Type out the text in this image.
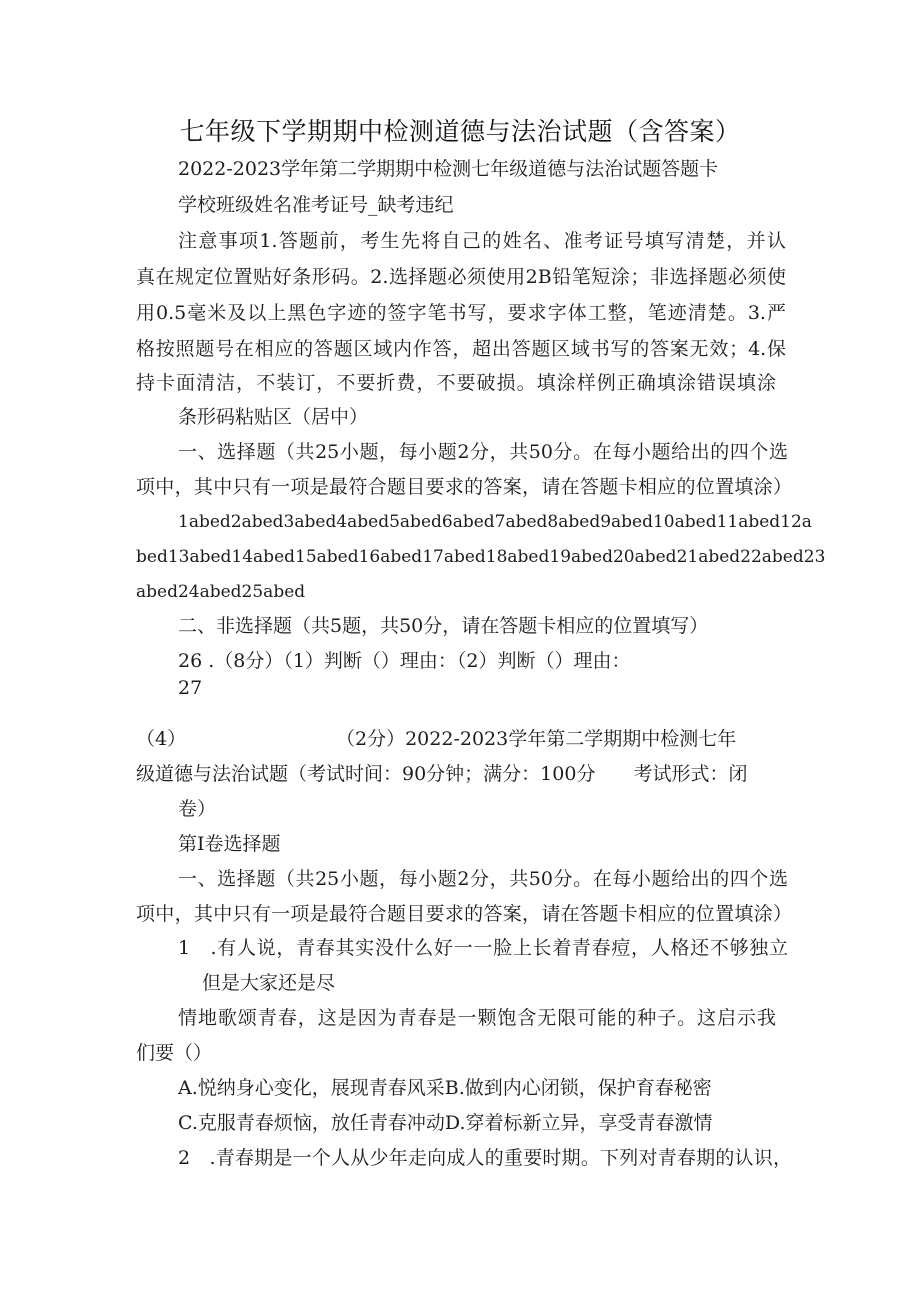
七年级下学期期中检测道德与法治试题（含答案）
2022-2023学年第二学期期中检测七年级道德与法治试题答题卡
学校班级姓名准考证号_缺考违纪
注意事项1.答题前，考生先将自己的姓名、准考证号填写清楚，并认
真在规定位置贴好条形码。2.选择题必须使用2B铅笔短涂；非选择题必须使
用0.5毫米及以上黑色字迹的签字笔书写，要求字体工整，笔迹清楚。3.严
格按照题号在相应的答题区域内作答，超出答题区域书写的答案无效；4.保
持卡面清洁，不装订，不要折费，不要破损。填涂样例正确填涂错误填涂
条形码粘贴区（居中）
一、选择题（共25小题，每小题2分，共50分。在每小题给出的四个选
项中，其中只有一项是最符合题目要求的答案，请在答题卡相应的位置填涂）
1abed2abed3abed4abed5abed6abed7abed8abed9abed10abed11abed12a
bed13abed14abed15abed16abed17abed18abed19abed20abed21abed22abed23
abed24abed25abed
二、非选择题（共5题，共50分，请在答题卡相应的位置填写）
26 .（8分）（1）判断（）理由：（2）判断（）理由：
27
（4）	（2分）2022-2023学年第二学期期中检测七年
级道德与法治试题（考试时间：90分钟；满分：100分　　考试形式：闭
卷）
第Ⅰ卷选择题
一、选择题（共25小题，每小题2分，共50分。在每小题给出的四个选
项中，其中只有一项是最符合题目要求的答案，请在答题卡相应的位置填涂）
1　.有人说，青春其实没什么好一一脸上长着青春痘，人格还不够独立
但是大家还是尽
情地歌颂青春，这是因为青春是一颗饱含无限可能的种子。这启示我
们要（）
A.悦纳身心变化，展现青春风采B.做到内心闭锁，保护育春秘密
C.克服青春烦恼，放任青春冲动D.穿着标新立异，享受青春激情
2　.青春期是一个人从少年走向成人的重要时期。下列对青春期的认识，
